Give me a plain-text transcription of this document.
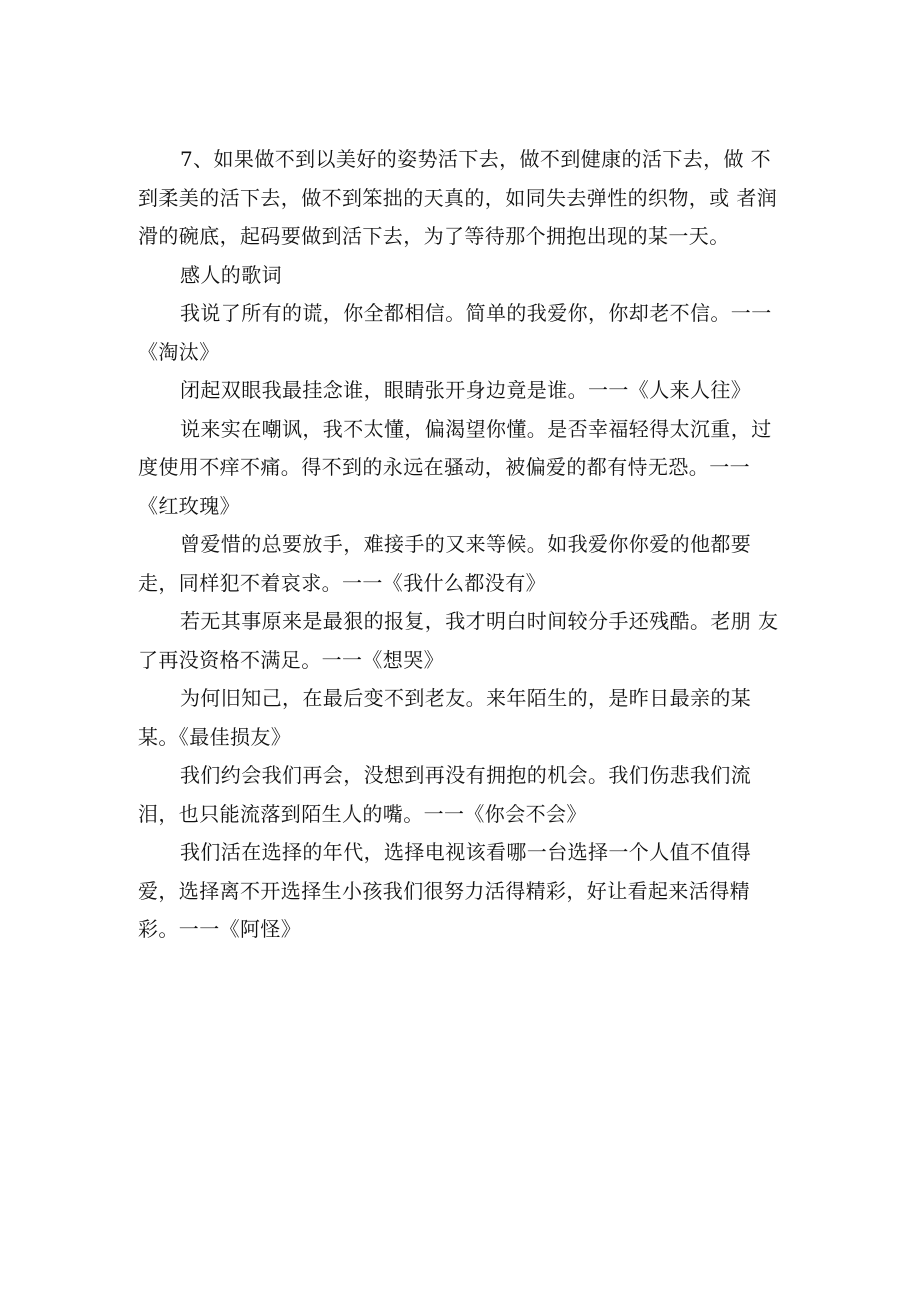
7、如果做不到以美好的姿势活下去，做不到健康的活下去，做 不到柔美的活下去，做不到笨拙的天真的，如同失去弹性的织物，或 者润滑的碗底，起码要做到活下去，为了等待那个拥抱出现的某一天。

感人的歌词

我说了所有的谎，你全都相信。简单的我爱你，你却老不信。一一《淘汰》

闭起双眼我最挂念谁，眼睛张开身边竟是谁。一一《人来人往》

说来实在嘲讽，我不太懂，偏渴望你懂。是否幸福轻得太沉重，过度使用不痒不痛。得不到的永远在骚动，被偏爱的都有恃无恐。一一 《红玫瑰》

曾爱惜的总要放手，难接手的又来等候。如我爱你你爱的他都要 走，同样犯不着哀求。一一《我什么都没有》

若无其事原来是最狠的报复，我才明白时间较分手还残酷。老朋 友了再没资格不满足。一一《想哭》

为何旧知己，在最后变不到老友。来年陌生的，是昨日最亲的某 某。《最佳损友》

我们约会我们再会，没想到再没有拥抱的机会。我们伤悲我们流 泪，也只能流落到陌生人的嘴。一一《你会不会》

我们活在选择的年代，选择电视该看哪一台选择一个人值不值得 爱，选择离不开选择生小孩我们很努力活得精彩，好让看起来活得精 彩。一一《阿怪》
